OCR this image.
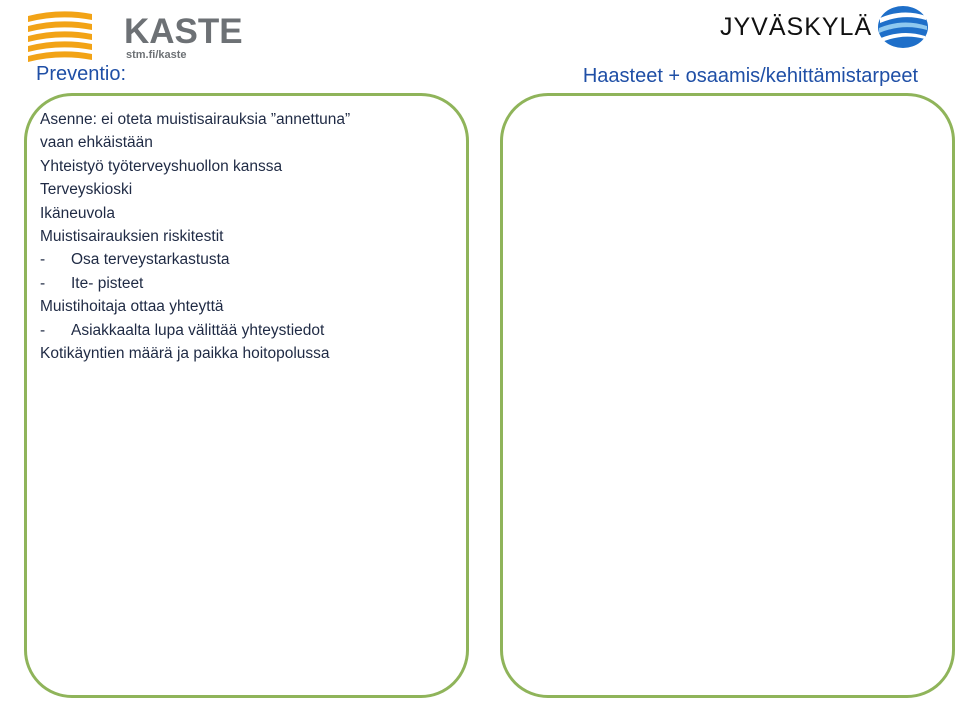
KASTE
stm.fi/kaste
JYVÄSKYLÄ
Preventio:	Haasteet + osaamis/kehittämistarpeet
Asenne: ei oteta muistisairauksia ”annettuna”
vaan ehkäistään
Yhteistyö työterveyshuollon kanssa
Terveyskioski
Ikäneuvola
Muistisairauksien riskitestit
- Osa terveystarkastusta
- Ite- pisteet
Muistihoitaja ottaa yhteyttä
- Asiakkaalta lupa välittää yhteystiedot
Kotikäyntien määrä ja paikka hoitopolussa
